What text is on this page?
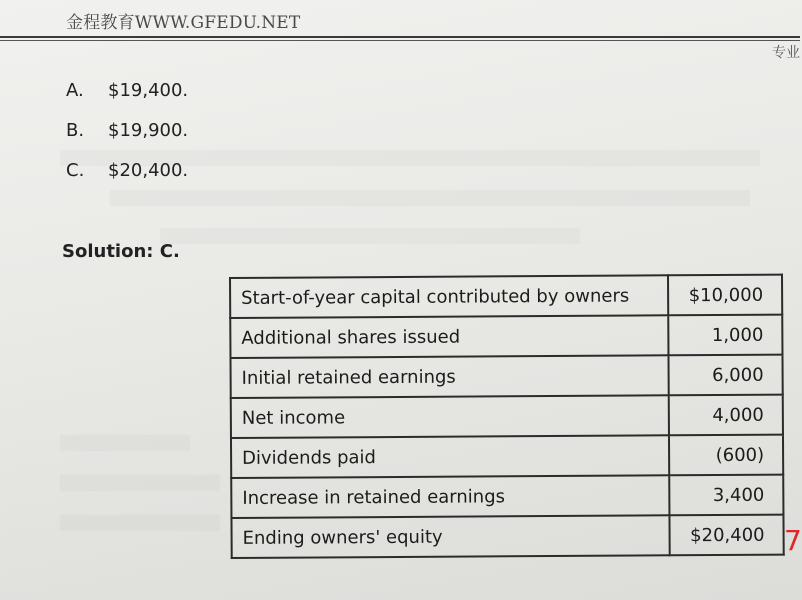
金程教育WWW.GFEDU.NET
专业
A. $19,400.
B. $19,900.
C. $20,400.
Solution: C.
Start-of-year capital contributed by owners	$10,000
Additional shares issued	1,000
Initial retained earnings	6,000
Net income	4,000
Dividends paid	(600)
Increase in retained earnings	3,400
Ending owners' equity	$20,400 7
